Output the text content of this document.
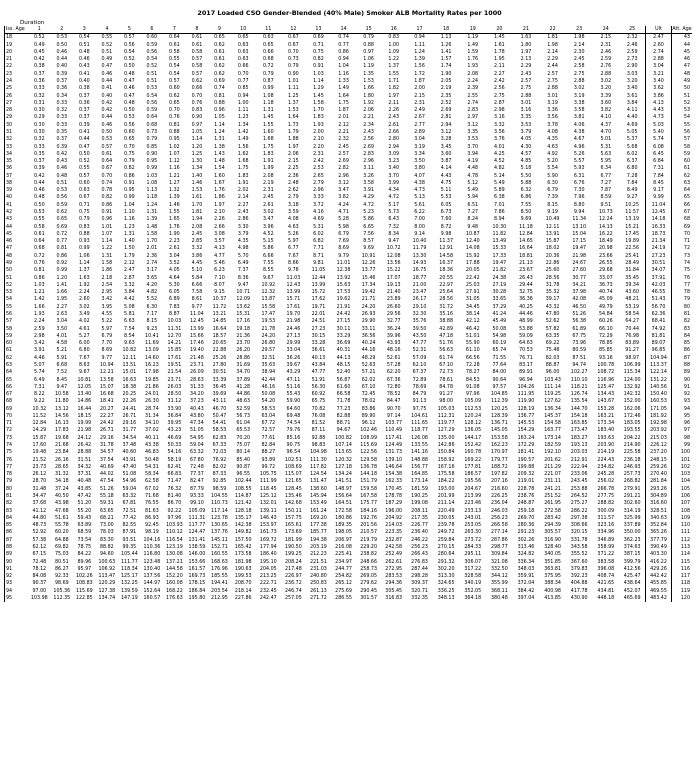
2017 Loaded CSO Gender-Blended (40% Male) Smoker ALB Mortality Rates per 1000
Duration
Iss. Age	1	2	3	4	5	6	7	8	9	10	11	12	13	14	15	16	17	18	19	20	21	22	23	24	25	Ult	Att. Age
18	0.52	0.53	0.54	0.55	0.57	0.60	0.64	0.61	0.65	0.65	0.63	0.67	0.69	0.74	0.79	0.83	0.94	1.13	1.19	1.45	1.63	1.81	1.98	2.15	2.32	2.47	43
19	0.49	0.50	0.51	0.52	0.56	0.59	0.61	0.61	0.62	0.63	0.65	0.67	0.71	0.77	0.88	1.00	1.11	1.26	1.49	1.61	1.80	1.98	2.14	2.31	2.46	2.60	44
20	0.45	0.46	0.48	0.51	0.54	0.56	0.58	0.58	0.61	0.63	0.66	0.70	0.75	0.86	0.97	1.09	1.24	1.41	1.59	1.78	1.97	2.14	2.30	2.46	2.59	2.74	45
21	0.42	0.44	0.46	0.49	0.52	0.54	0.55	0.57	0.61	0.63	0.68	0.73	0.82	0.94	1.06	1.22	1.39	1.57	1.76	1.95	2.13	2.29	2.45	2.59	2.73	2.88	46
22	0.38	0.40	0.43	0.47	0.50	0.52	0.54	0.58	0.62	0.66	0.72	0.79	0.91	1.04	1.19	1.37	1.56	1.74	1.93	2.11	2.29	2.44	2.58	2.76	2.90	3.04	47
23	0.37	0.39	0.41	0.46	0.48	0.51	0.54	0.57	0.62	0.70	0.79	0.90	1.03	1.16	1.35	1.55	1.72	1.90	2.08	2.27	2.43	2.57	2.75	2.88	3.03	3.21	48
24	0.36	0.37	0.40	0.44	0.47	0.51	0.57	0.62	0.69	0.77	0.87	1.01	1.14	1.33	1.53	1.71	1.87	2.05	2.24	2.42	2.57	2.75	2.88	3.02	3.20	3.40	49
25	0.33	0.36	0.38	0.41	0.46	0.53	0.60	0.66	0.74	0.85	0.99	1.11	1.29	1.49	1.66	1.82	2.00	2.19	2.39	2.56	2.75	2.88	3.02	3.20	3.40	3.62	50
26	0.32	0.34	0.37	0.40	0.47	0.54	0.62	0.70	0.81	0.94	1.08	1.25	1.45	1.64	1.80	1.97	2.15	2.35	2.55	2.75	2.88	3.01	3.19	3.39	3.61	3.86	51
27	0.31	0.33	0.36	0.42	0.48	0.56	0.65	0.76	0.88	1.00	1.18	1.37	1.58	1.75	1.92	2.11	2.31	2.52	2.74	2.87	3.01	3.19	3.38	3.60	3.84	4.13	52
28	0.30	0.32	0.37	0.42	0.50	0.59	0.70	0.83	0.96	1.11	1.31	1.53	1.70	1.87	2.06	2.26	2.49	2.69	2.83	2.98	3.16	3.36	3.58	3.82	4.11	4.43	53
29	0.29	0.33	0.37	0.44	0.53	0.64	0.76	0.90	1.05	1.23	1.45	1.64	1.83	2.01	2.21	2.43	2.67	2.81	2.97	3.16	3.35	3.56	3.81	4.10	4.40	4.73	54
30	0.30	0.33	0.39	0.46	0.56	0.68	0.81	0.97	1.14	1.34	1.55	1.73	1.93	2.12	2.34	2.61	2.77	2.94	3.12	3.32	3.53	3.78	4.06	4.37	4.69	5.03	55
31	0.30	0.35	0.41	0.50	0.60	0.73	0.88	1.05	1.24	1.42	1.60	1.79	2.00	2.21	2.43	2.66	2.89	3.12	3.35	3.56	3.79	4.08	4.38	4.70	5.05	5.40	56
32	0.32	0.37	0.44	0.53	0.65	0.79	0.95	1.14	1.31	1.49	1.68	1.88	2.10	2.32	2.56	2.80	3.04	3.28	3.53	3.76	4.05	4.35	4.67	5.01	5.37	5.74	57
33	0.33	0.39	0.47	0.57	0.70	0.85	1.02	1.20	1.38	1.56	1.75	1.97	2.20	2.45	2.69	2.94	3.19	3.45	3.70	4.01	4.30	4.63	4.96	5.31	5.68	6.08	58
34	0.35	0.42	0.50	0.61	0.75	0.90	1.07	1.25	1.43	1.62	1.83	2.06	2.31	2.57	2.83	3.09	3.34	3.60	3.94	4.25	4.57	4.92	5.26	5.63	6.02	6.45	59
35	0.37	0.43	0.52	0.64	0.79	0.95	1.12	1.30	1.48	1.68	1.91	2.15	2.42	2.69	2.96	3.23	3.50	3.87	4.19	4.52	4.85	5.20	5.57	5.95	6.37	6.84	60
36	0.39	0.46	0.55	0.67	0.82	0.99	1.16	1.34	1.54	1.75	1.99	2.25	2.53	2.82	3.11	3.40	3.80	4.14	4.48	4.82	5.18	5.54	5.93	6.34	6.80	7.31	61
37	0.42	0.48	0.57	0.70	0.86	1.03	1.21	1.40	1.60	1.83	2.08	2.36	2.65	2.96	3.26	3.70	4.07	4.43	4.78	5.14	5.50	5.90	6.31	6.77	7.28	7.84	62
38	0.44	0.51	0.60	0.74	0.91	1.08	1.27	1.46	1.67	1.91	2.19	2.48	2.79	3.12	3.58	3.99	4.38	4.75	5.12	5.49	5.88	6.30	6.76	7.27	7.84	8.45	63
39	0.46	0.53	0.63	0.78	0.95	1.13	1.32	1.53	1.76	2.02	2.31	2.62	2.96	3.47	3.91	4.34	4.73	5.11	5.49	5.89	6.32	6.79	7.30	7.87	8.49	9.17	64
40	0.48	0.56	0.67	0.82	0.99	1.18	1.39	1.61	1.86	2.14	2.45	2.79	3.33	3.82	4.29	4.72	5.13	5.53	5.94	6.38	6.86	7.39	7.96	8.59	9.27	9.99	65
41	0.50	0.59	0.71	0.86	1.04	1.24	1.46	1.70	1.97	2.27	2.61	3.18	3.72	4.24	4.72	5.17	5.61	6.05	6.51	7.01	7.55	8.15	8.80	9.51	10.25	11.04	66
42	0.53	0.62	0.75	0.91	1.10	1.31	1.55	1.81	2.10	2.43	3.02	3.59	4.16	4.71	5.23	5.73	6.22	6.73	7.27	7.86	8.50	9.19	9.94	10.73	11.57	12.45	67
43	0.55	0.65	0.79	0.96	1.16	1.39	1.65	1.94	2.26	2.86	3.47	4.08	4.69	5.28	5.86	6.43	7.00	7.60	8.24	8.94	9.69	10.49	11.34	12.24	13.19	14.18	68
44	0.58	0.69	0.83	1.01	1.23	1.48	1.76	2.08	2.66	3.30	3.96	4.63	5.31	5.98	6.65	7.32	8.00	8.72	9.48	10.30	11.18	12.11	13.10	14.13	15.21	16.33	69
45	0.61	0.72	0.88	1.07	1.31	1.58	1.90	2.45	3.08	3.79	4.52	5.26	6.02	6.79	7.56	8.34	9.14	9.98	10.87	11.82	12.84	13.91	15.04	16.22	17.45	18.73	70
46	0.64	0.77	0.93	1.14	1.40	1.70	2.23	2.85	3.57	4.35	5.15	5.97	6.82	7.69	8.57	9.47	10.40	11.37	12.40	13.49	14.65	15.87	17.15	18.49	19.89	21.34	71
47	0.68	0.81	0.99	1.22	1.50	2.01	2.61	3.32	4.13	4.98	5.86	6.77	7.71	8.69	9.69	10.72	11.79	12.91	14.08	15.33	16.64	18.02	19.47	20.98	22.56	24.19	72
48	0.72	0.86	1.06	1.31	1.79	2.36	3.04	3.86	4.77	5.70	6.66	7.67	8.71	9.79	10.91	12.08	13.30	14.58	15.92	17.33	18.81	20.36	21.98	23.66	25.41	27.23	73
49	0.76	0.92	1.14	1.58	2.12	2.74	3.52	4.45	5.46	6.49	7.55	8.66	9.81	11.01	12.26	13.56	14.93	16.37	17.88	19.47	21.13	22.86	24.67	26.55	28.49	30.51	74
50	0.81	0.99	1.37	1.86	2.47	3.17	4.05	5.10	6.23	7.37	8.55	9.78	11.05	12.38	13.77	15.22	16.75	18.36	20.05	21.82	23.67	25.60	27.60	29.68	31.84	34.07	75
51	0.86	1.20	1.63	2.18	2.87	3.65	4.64	5.84	7.10	8.36	9.67	11.03	12.44	13.92	15.46	17.07	18.77	20.55	22.42	24.38	26.43	28.56	30.77	33.07	35.45	37.91	76
52	1.03	1.41	1.92	2.54	3.32	4.20	5.30	6.66	8.07	9.47	10.92	12.43	13.99	15.63	17.34	19.13	21.00	22.97	25.03	27.19	29.44	31.78	34.21	36.73	39.34	42.03	77
53	1.21	1.66	2.24	2.95	3.84	4.82	6.05	7.58	9.15	10.71	12.32	13.99	15.72	17.53	19.42	21.40	23.47	25.64	27.91	30.28	32.75	35.32	37.98	40.74	43.60	46.55	78
54	1.42	1.95	2.60	3.42	4.42	5.52	6.89	8.61	10.37	12.09	13.87	15.71	17.62	19.62	21.71	23.89	26.17	28.56	31.05	33.65	36.36	39.17	42.08	45.09	48.21	51.43	79
55	1.66	2.27	3.02	3.95	5.08	6.30	7.83	9.77	11.72	13.62	15.58	17.61	19.71	21.91	24.20	26.60	29.10	31.72	34.45	37.29	40.25	43.32	46.50	49.79	53.19	56.70	80
56	1.93	2.63	3.49	4.55	5.81	7.17	8.87	11.04	13.21	15.31	17.47	19.70	22.01	24.42	26.93	29.56	32.30	35.16	38.14	41.24	44.46	47.80	51.26	54.84	58.54	62.36	81
57	2.24	3.04	4.02	5.22	6.63	8.15	10.03	12.45	14.85	17.16	19.53	21.98	24.51	27.15	29.90	32.77	35.76	38.88	42.12	45.49	48.99	52.62	56.38	60.26	64.27	68.41	82
58	2.59	3.50	4.61	5.97	7.54	9.23	11.31	13.99	16.64	19.18	21.78	24.46	27.23	30.11	33.11	36.24	39.50	42.89	46.42	50.08	53.88	57.82	61.89	66.10	70.44	74.92	83
59	2.98	4.01	5.27	6.79	8.54	10.41	12.70	15.66	18.57	21.36	24.20	27.13	30.15	33.29	36.56	39.96	43.50	47.18	51.01	54.98	59.09	63.35	67.75	72.29	76.98	81.81	84
60	3.42	4.58	6.00	7.70	9.63	11.69	14.21	17.46	20.65	23.70	26.80	29.99	33.28	36.69	40.24	43.93	47.77	51.76	55.90	60.19	64.63	69.22	73.96	78.85	83.89	89.07	85
61	3.91	5.21	6.80	8.69	10.82	13.09	15.85	19.40	22.88	26.20	29.57	33.04	36.61	40.31	44.16	48.16	52.31	56.63	61.10	65.74	70.53	75.48	80.59	85.85	91.27	96.85	86
62	4.46	5.91	7.67	9.77	12.11	14.60	17.61	21.48	25.26	28.86	32.51	36.26	40.13	44.13	48.29	52.61	57.09	61.74	66.56	71.55	76.71	82.03	87.51	93.16	98.97	104.94	87
63	5.07	6.68	8.63	10.94	13.51	16.23	19.51	23.71	27.80	31.69	35.63	39.67	43.84	48.15	52.63	57.28	62.10	67.10	72.28	77.64	83.17	88.87	94.74	100.78	106.99	113.37	88
64	5.74	7.52	9.67	12.21	15.01	17.98	21.54	26.09	30.51	34.70	38.94	43.29	47.77	52.40	57.21	62.20	67.37	72.73	78.27	84.00	89.91	96.00	102.27	108.72	115.34	122.14	89
65	6.49	8.45	10.81	13.58	16.63	19.85	23.71	28.63	33.39	37.89	42.44	47.11	51.91	56.87	62.02	67.36	72.89	78.61	84.53	90.64	96.94	103.43	110.10	116.96	124.00	131.22	90
66	7.31	9.47	12.05	15.07	18.38	21.86	26.03	31.33	36.45	41.28	46.16	51.16	56.30	61.60	67.10	72.80	78.69	84.78	91.08	97.57	104.26	111.14	118.21	125.47	132.92	140.56	91
67	8.22	10.58	13.40	16.68	20.25	24.01	28.50	34.20	39.69	44.86	50.08	55.43	60.92	66.58	72.45	78.52	84.79	91.27	97.96	104.85	111.95	119.25	126.74	134.43	142.32	150.40	92
68	9.22	11.80	14.86	18.41	22.26	26.30	31.12	37.23	43.11	48.63	54.20	59.90	65.75	71.78	78.02	84.47	91.13	98.00	105.09	112.39	119.90	127.62	135.54	143.67	152.00	160.53	93
69	10.32	13.12	16.44	20.27	24.41	28.74	33.90	40.43	46.70	52.59	58.53	64.60	70.82	77.23	83.86	90.70	97.75	105.03	112.53	120.25	128.19	136.34	144.70	153.28	162.06	171.05	94
70	11.52	14.56	18.15	22.27	26.71	31.34	36.84	43.80	50.47	56.73	63.04	69.48	76.08	82.88	89.90	97.14	104.61	112.31	120.24	128.39	136.77	145.37	154.18	163.21	172.46	181.92	95
71	12.84	16.13	19.99	24.42	29.16	34.10	39.95	47.34	54.41	61.04	67.72	74.54	81.52	88.71	96.12	103.77	111.65	119.77	128.12	136.71	145.53	154.58	163.85	173.34	183.05	192.98	96
72	14.29	17.83	21.98	26.71	31.77	37.02	43.23	51.05	58.53	65.53	72.57	79.76	87.11	94.67	102.46	110.49	118.77	127.29	136.05	145.05	154.29	163.77	173.47	183.40	193.55	203.92	97
73	15.87	19.68	24.12	29.16	34.54	40.11	46.69	54.95	62.83	70.20	77.61	85.16	92.88	100.82	108.99	117.41	126.08	135.00	144.17	153.58	163.24	173.14	183.27	193.63	204.22	215.03	98
74	17.60	21.68	26.42	31.78	37.48	43.38	50.33	59.04	67.33	75.07	82.84	90.75	98.83	107.14	115.69	124.49	133.55	142.86	152.42	162.23	172.29	182.59	193.13	203.90	214.90	226.12	99
75	19.48	23.84	28.88	34.57	40.60	46.83	54.16	63.32	72.03	80.14	88.27	96.54	104.98	113.65	122.56	131.73	141.16	150.84	160.78	170.97	181.41	192.10	203.03	214.19	225.58	237.20	100
76	21.52	26.16	31.51	37.54	43.91	50.48	58.19	67.80	76.92	85.40	93.89	102.51	111.30	120.32	129.58	139.10	148.88	158.92	169.22	179.77	190.57	201.62	212.91	224.43	236.18	248.15	101
77	23.73	28.65	34.32	40.69	47.40	54.31	62.41	72.48	82.02	90.87	99.72	108.69	117.82	127.18	136.78	146.64	156.77	167.16	177.81	188.72	199.88	211.29	222.94	234.82	246.93	259.26	102
78	26.12	31.32	37.31	44.02	51.08	58.34	66.83	77.37	87.33	96.55	105.75	115.07	124.54	134.24	144.18	154.38	164.85	175.58	186.57	197.82	209.32	221.07	233.06	245.28	257.73	270.40	103
79	28.70	34.18	40.48	47.54	54.96	62.58	71.47	82.47	92.85	102.44	111.99	121.65	131.47	141.51	151.79	162.33	173.14	184.22	195.56	207.16	219.01	231.11	243.45	256.02	268.82	281.84	104
80	31.48	37.24	43.85	51.26	59.04	67.02	76.32	87.79	98.59	108.55	118.45	128.45	138.60	148.97	159.58	170.45	181.59	193.00	204.67	216.60	228.78	241.21	253.88	266.78	279.91	293.26	105
81	34.47	40.50	47.42	55.18	63.32	71.68	81.40	93.33	104.55	114.87	125.12	135.46	145.94	156.64	167.58	178.78	190.25	201.99	213.99	226.25	238.76	251.52	264.52	277.75	291.21	304.89	106
82	37.68	43.98	51.20	59.31	67.81	76.55	86.70	99.10	110.73	121.42	132.01	142.68	153.49	164.51	175.77	187.29	199.08	211.14	223.46	236.04	248.87	261.95	275.27	288.82	302.60	316.60	107
83	41.12	47.68	55.20	63.65	72.51	81.63	92.22	105.09	117.14	128.18	139.11	150.11	161.24	172.58	184.16	196.00	208.11	220.49	233.13	246.03	259.18	272.58	286.22	300.09	314.19	328.51	108
84	44.80	51.61	59.43	68.21	77.42	86.93	97.96	111.31	123.78	135.17	146.43	157.75	169.20	180.86	192.76	204.92	217.35	230.05	243.01	256.23	269.70	283.42	297.38	311.57	325.99	340.63	109
85	48.73	55.78	63.89	73.00	82.55	92.45	103.93	117.77	130.65	142.38	153.97	165.61	177.38	189.35	201.56	214.03	226.77	239.78	253.05	266.58	280.36	294.39	308.66	323.16	337.89	352.84	110
86	52.92	60.20	68.59	78.03	87.91	98.19	110.12	124.47	137.76	149.82	161.73	173.69	185.77	198.05	210.57	223.35	236.40	249.72	263.30	277.14	291.23	305.57	320.15	334.96	350.00	365.26	111
87	57.38	64.88	73.54	83.30	93.51	104.16	116.54	131.41	145.11	157.50	169.72	181.99	194.38	206.97	219.79	232.87	246.22	259.84	273.72	287.86	302.26	316.90	331.78	346.89	362.23	377.79	112
88	62.12	69.82	78.75	88.82	99.35	110.36	123.19	138.59	152.71	165.42	177.94	190.50	203.19	216.08	229.20	242.58	256.23	270.15	284.33	298.77	313.46	328.40	343.58	358.99	374.63	390.49	113
89	67.15	75.03	84.22	94.60	105.44	116.80	130.08	146.00	160.55	173.58	186.40	199.25	212.23	225.41	238.82	252.49	266.43	280.64	295.11	309.84	324.82	340.05	355.52	371.22	387.15	403.30	114
90	72.48	80.51	89.96	100.63	111.77	123.48	137.21	153.66	168.63	181.98	195.10	208.24	221.51	234.97	248.66	262.61	276.83	291.32	306.07	321.08	336.34	351.85	367.60	383.58	399.79	416.22	115
91	78.12	86.27	95.97	106.92	118.34	130.40	144.58	161.57	176.96	190.63	204.05	217.48	231.03	244.77	258.73	272.95	287.44	302.20	317.22	332.50	348.03	363.81	379.83	396.08	412.56	429.26	116
92	84.08	92.33	102.26	113.47	125.17	137.56	152.20	169.73	185.55	199.53	213.25	226.97	240.80	254.82	269.05	283.53	298.28	313.30	328.58	344.12	359.91	375.95	392.23	408.74	425.47	442.42	117
93	90.37	98.69	108.83	120.29	132.25	144.97	160.08	178.15	194.41	208.70	222.71	236.72	250.83	265.12	279.62	294.36	309.37	324.65	340.19	355.99	372.04	388.34	404.88	421.65	438.64	455.85	118
94	97.00	105.36	115.69	127.38	139.59	152.64	168.22	186.84	203.54	218.14	232.45	246.74	261.13	275.69	290.45	305.45	320.71	336.25	352.05	368.11	384.42	400.98	417.78	434.81	452.07	469.55	119
95	103.98	112.35	122.85	134.74	147.19	160.57	176.63	195.80	212.95	227.86	242.47	257.05	271.72	286.55	301.57	316.83	332.35	348.13	364.18	380.48	397.04	413.85	430.90	448.18	465.69	483.42	120
